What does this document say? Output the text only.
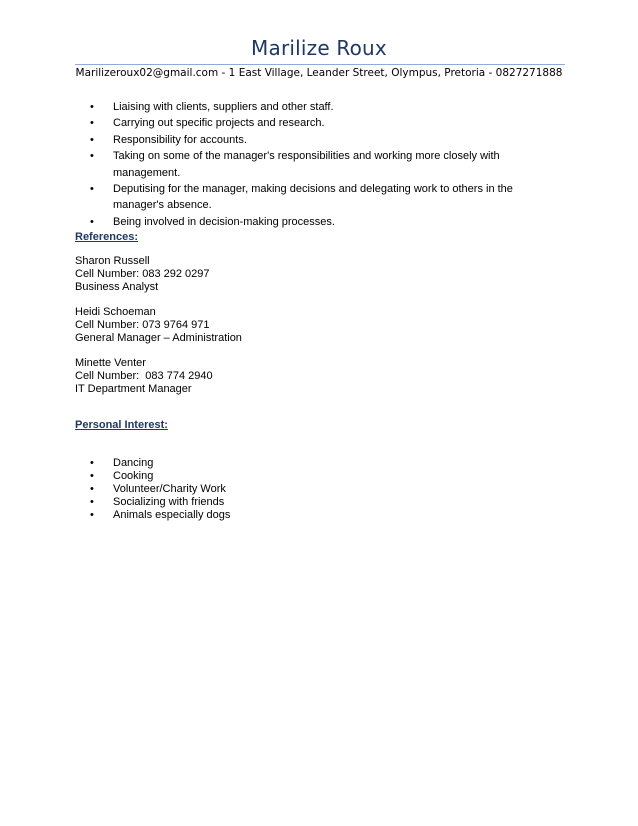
Marilize Roux
Marilizeroux02@gmail.com - 1 East Village, Leander Street, Olympus, Pretoria - 0827271888
• Liaising with clients, suppliers and other staff.
• Carrying out specific projects and research.
• Responsibility for accounts.
• Taking on some of the manager's responsibilities and working more closely with management.
• Deputising for the manager, making decisions and delegating work to others in the manager's absence.
• Being involved in decision-making processes.
References:
Sharon Russell
Cell Number: 083 292 0297
Business Analyst
Heidi Schoeman
Cell Number: 073 9764 971
General Manager – Administration
Minette Venter
Cell Number:  083 774 2940
IT Department Manager
Personal Interest:
• Dancing
• Cooking
• Volunteer/Charity Work
• Socializing with friends
• Animals especially dogs
